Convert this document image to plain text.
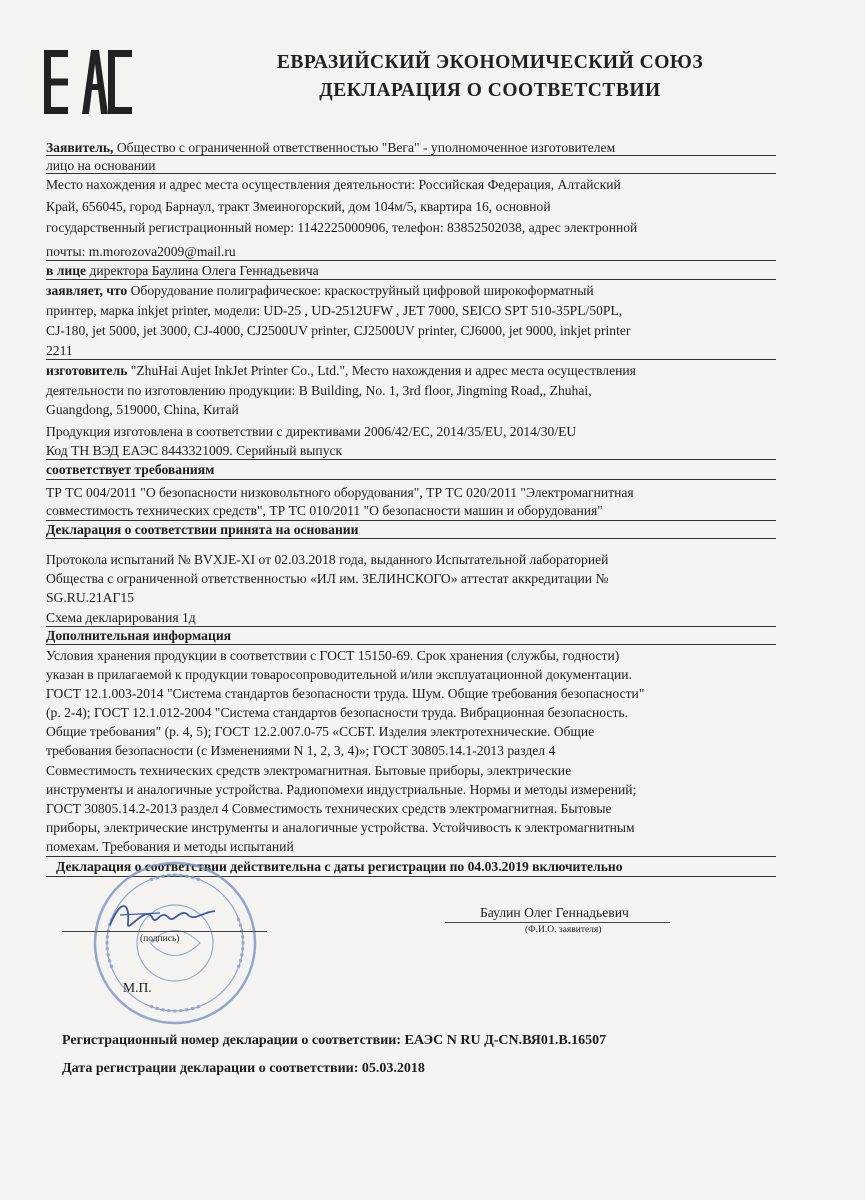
ЕВРАЗИЙСКИЙ ЭКОНОМИЧЕСКИЙ СОЮЗ
ДЕКЛАРАЦИЯ О СООТВЕТСТВИИ
Заявитель, Общество с ограниченной ответственностью "Вега" - уполномоченное изготовителем
лицо на основании
Место нахождения и адрес места осуществления деятельности: Российская Федерация, Алтайский
Край, 656045, город Барнаул, тракт Змеиногорский, дом 104м/5, квартира 16, основной
государственный регистрационный номер: 1142225000906, телефон: 83852502038, адрес электронной
почты: m.morozova2009@mail.ru
в лице директора Баулина Олега Геннадьевича
заявляет, что Оборудование полиграфическое: краскоструйный цифровой широкоформатный
принтер, марка inkjet printer, модели: UD-25 , UD-2512UFW , JET 7000, SEICO SPT 510-35PL/50PL,
CJ-180, jet 5000, jet 3000, CJ-4000, CJ2500UV printer, CJ2500UV printer, CJ6000, jet 9000, inkjet printer
2211
изготовитель "ZhuHai Aujet InkJet Printer Co., Ltd.", Место нахождения и адрес места осуществления
деятельности по изготовлению продукции: B Building, No. 1, 3rd floor, Jingming Road,, Zhuhai,
Guangdong, 519000, China, Китай
Продукция изготовлена в соответствии с директивами 2006/42/EC, 2014/35/EU, 2014/30/EU
Код ТН ВЭД ЕАЭС 8443321009. Серийный выпуск
соответствует требованиям
ТР ТС 004/2011 "О безопасности низковольтного оборудования", ТР ТС 020/2011 "Электромагнитная
совместимость технических средств", ТР ТС 010/2011 "О безопасности машин и оборудования"
Декларация о соответствии принята на основании
Протокола испытаний № BVXJE-XI от 02.03.2018 года, выданного Испытательной лабораторией
Общества с ограниченной ответственностью «ИЛ им. ЗЕЛИНСКОГО» аттестат аккредитации №
SG.RU.21АГ15
Схема декларирования 1д
Дополнительная информация
Условия хранения продукции в соответствии с ГОСТ 15150-69. Срок хранения (службы, годности)
указан в прилагаемой к продукции товаросопроводительной и/или эксплуатационной документации.
ГОСТ 12.1.003-2014 "Система стандартов безопасности труда. Шум. Общие требования безопасности"
(р. 2-4); ГОСТ 12.1.012-2004 "Система стандартов безопасности труда. Вибрационная безопасность.
Общие требования" (р. 4, 5); ГОСТ 12.2.007.0-75 «ССБТ. Изделия электротехнические. Общие
требования безопасности (с Изменениями N 1, 2, 3, 4)»; ГОСТ 30805.14.1-2013 раздел 4
Совместимость технических средств электромагнитная. Бытовые приборы, электрические
инструменты и аналогичные устройства. Радиопомехи индустриальные. Нормы и методы измерений;
ГОСТ 30805.14.2-2013 раздел 4 Совместимость технических средств электромагнитная. Бытовые
приборы, электрические инструменты и аналогичные устройства. Устойчивость к электромагнитным
помехам. Требования и методы испытаний
Декларация о соответствии действительна с даты регистрации по 04.03.2019 включительно
(подпись)
Баулин Олег Геннадьевич
(Ф.И.О. заявителя)
М.П.
Регистрационный номер декларации о соответствии: ЕАЭС N RU Д-CN.ВЯ01.В.16507
Дата регистрации декларации о соответствии: 05.03.2018
